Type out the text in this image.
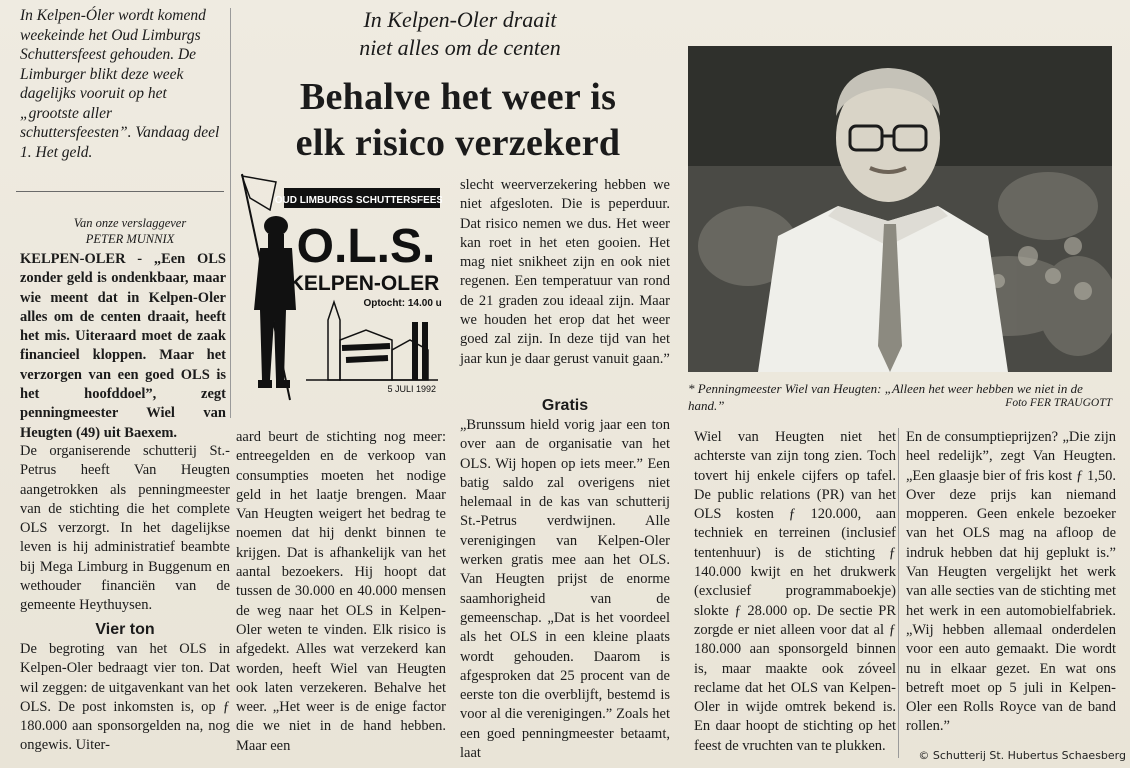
In Kelpen-Óler wordt komend weekeinde het Oud Limburgs Schuttersfeest gehouden. De Limburger blikt deze week dagelijks vooruit op het „grootste aller schuttersfeesten”. Vandaag deel 1. Het geld.
Van onze verslaggever
PETER MUNNIX

KELPEN-OLER - „Een OLS zonder geld is ondenkbaar, maar wie meent dat in Kelpen-Oler alles om de centen draait, heeft het mis. Uiteraard moet de zaak financieel kloppen. Maar het verzorgen van een goed OLS is het hoofddoel”, zegt penningmeester Wiel van Heugten (49) uit Baexem.

De organiserende schutterij St.-Petrus heeft Van Heugten aangetrokken als penningmeester van de stichting die het complete OLS verzorgt. In het dagelijkse leven is hij administratief beambte bij Mega Limburg in Buggenum en wethouder financiën van de gemeente Heythuysen.

Vier ton

De begroting van het OLS in Kelpen-Oler bedraagt vier ton. Dat wil zeggen: de uitgavenkant van het OLS. De post inkomsten is, op ƒ 180.000 aan sponsorgelden na, nog ongewis. Uiter-

In Kelpen-Oler draait
niet alles om de centen
Behalve het weer is
elk risico verzekerd
OUD LIMBURGS SCHUTTERSFEEST
O.L.S.
KELPEN-OLER
Optocht: 14.00 u.
5 JULI 1992

slecht weerverzekering hebben we niet afgesloten. Die is peperduur. Dat risico nemen we dus. Het weer kan roet in het eten gooien. Het mag niet snikheet zijn en ook niet regenen. Een temperatuur van rond de 21 graden zou ideaal zijn. Maar we houden het erop dat het weer goed zal zijn. In deze tijd van het jaar kun je daar gerust vanuit gaan.”

Gratis

„Brunssum hield vorig jaar een ton over aan de organisatie van het OLS. Wij hopen op iets meer.” Een batig saldo zal overigens niet helemaal in de kas van schutterij St.-Petrus verdwijnen. Alle verenigingen van Kelpen-Oler werken gratis mee aan het OLS. Van Heugten prijst de enorme saamhorigheid van de gemeenschap. „Dat is het voordeel als het OLS in een kleine plaats wordt gehouden. Daarom is afgesproken dat 25 procent van de eerste ton die overblijft, bestemd is voor al die verenigingen.” Zoals het een goed penningmeester betaamt, laat

aard beurt de stichting nog meer: entreegelden en de verkoop van consumpties moeten het nodige geld in het laatje brengen. Maar Van Heugten weigert het bedrag te noemen dat hij denkt binnen te krijgen. Dat is afhankelijk van het aantal bezoekers. Hij hoopt dat tussen de 30.000 en 40.000 mensen de weg naar het OLS in Kelpen-Oler weten te vinden. Elk risico is afgedekt. Alles wat verzekerd kan worden, heeft Wiel van Heugten ook laten verzekeren. Behalve het weer. „Het weer is de enige factor die we niet in de hand hebben. Maar een

* Penningmeester Wiel van Heugten: „Alleen het weer hebben we niet in de hand.”	Foto FER TRAUGOTT

Wiel van Heugten niet het achterste van zijn tong zien. Toch tovert hij enkele cijfers op tafel. De public relations (PR) van het OLS kosten ƒ 120.000, aan techniek en terreinen (inclusief tentenhuur) is de stichting ƒ 140.000 kwijt en het drukwerk (exclusief programmaboekje) slokte ƒ 28.000 op. De sectie PR zorgde er niet alleen voor dat al ƒ 180.000 aan sponsorgeld binnen is, maar maakte ook zóveel reclame dat het OLS van Kelpen-Oler in wijde omtrek bekend is. En daar hoopt de stichting op het feest de vruchten van te plukken.

En de consumptieprijzen? „Die zijn heel redelijk”, zegt Van Heugten. „Een glaasje bier of fris kost ƒ 1,50. Over deze prijs kan niemand mopperen. Geen enkele bezoeker van het OLS mag na afloop de indruk hebben dat hij geplukt is.” Van Heugten vergelijkt het werk van alle secties van de stichting met het werk in een automobielfabriek. „Wij hebben allemaal onderdelen voor een auto gemaakt. Die wordt nu in elkaar gezet. En wat ons betreft moet op 5 juli in Kelpen-Oler een Rolls Royce van de band rollen.”

© Schutterij St. Hubertus Schaesberg
